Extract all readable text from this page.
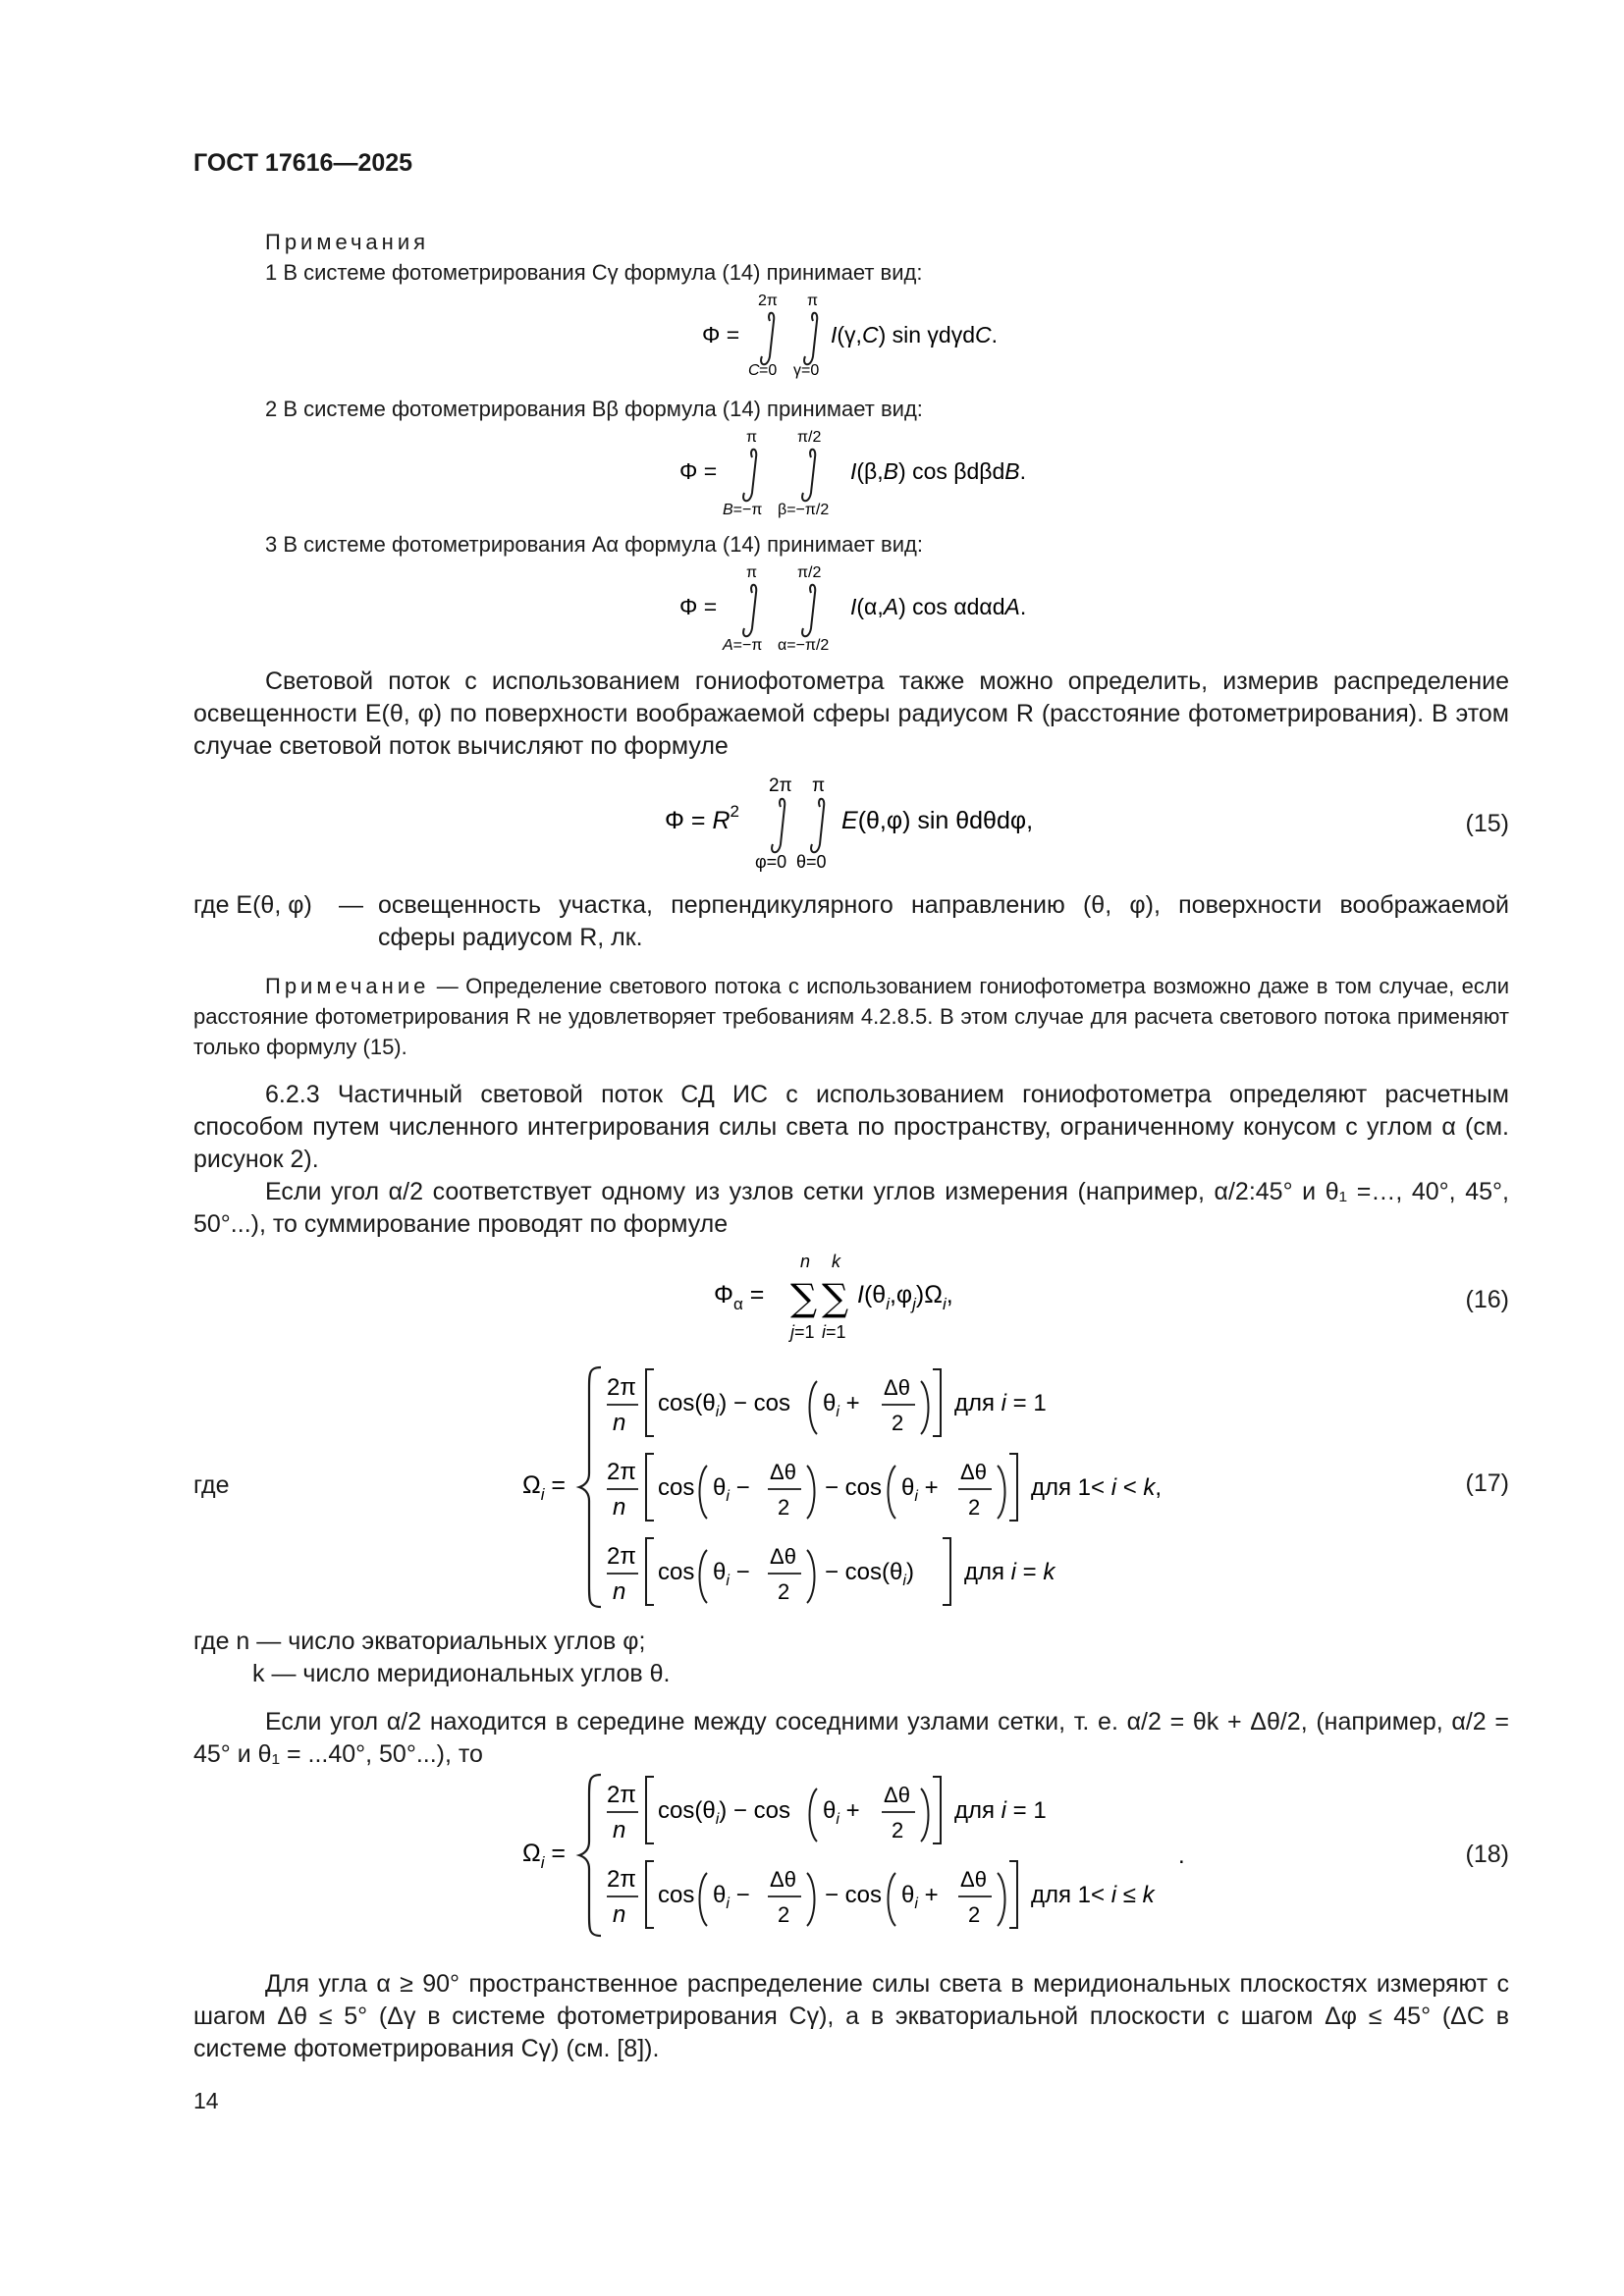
ГОСТ 17616—2025
Примечания
1 В системе фотометрирования Cγ формула (14) принимает вид:
Φ =
2π
C =0
π
γ=0
I(γ,C) sin γdγdC.
2 В системе фотометрирования Bβ формула (14) принимает вид:
Φ =
π
B=−π
π/2
β=−π/2
I(β,B) cos βdβdB.
3 В системе фотометрирования Aα формула (14) принимает вид:
Φ =
π
A=−π
π/2
α=−π/2
I(α,A) cos αdαdA.
Световой поток с использованием гониофотометра также можно определить, измерив распределение освещенности E(θ, φ) по поверхности воображаемой сферы радиусом R (расстояние фотометрирования). В этом случае световой поток вычисляют по формуле
$\Phi = R^2$
2π
φ=0
π
θ=0
E(θ,φ) sin θdθdφ,	(15)
где E(θ, φ) — освещенность участка, перпендикулярного направлению (θ, φ), поверхности воображаемой сферы радиусом R, лк.
Примечание — Определение светового потока с использованием гониофотометра возможно даже в том случае, если расстояние фотометрирования R не удовлетворяет требованиям 4.2.8.5. В этом случае для расчета светового потока применяют только формулу (15).
6.2.3 Частичный световой поток СД ИС с использованием гониофотометра определяют расчетным способом путем численного интегрирования силы света по пространству, ограниченному конусом с углом α (см. рисунок 2).
Если угол α/2 соответствует одному из узлов сетки углов измерения (например, α/2:45° и θ₁ =…, 40°, 45°, 50°...), то суммирование проводят по формуле
$\Phi_\alpha$ =
n
∑
j=1
k
∑
i=1
$I(\theta_i,\varphi_j)\Omega_i$,	(16)
где	$\Omega_i$ =
2π
n
$\cos(\theta_i) - \cos \theta_i$ +
Δθ
2
для i = 1
2π
n
$\cos \theta_i$ −
Δθ
2
− $\cos \theta_i$ +
Δθ
2
для 1< i < k,
2π
n
$\cos \theta_i$ −
Δθ
2
− $\cos(\theta_i)$ для i = k
(17)
где n — число экваториальных углов φ;
k — число меридиональных углов θ.
Если угол α/2 находится в середине между соседними узлами сетки, т. е. α/2 = θk + Δθ/2, (например, α/2 = 45° и θ₁ = ...40°, 50°...), то
$\Omega_i$ =
2π
n
$\cos(\theta_i) - \cos \theta_i$ +
Δθ
2
для i = 1
2π
n
$\cos \theta_i$ −
Δθ
2
− $\cos \theta_i$ +
Δθ
2
для 1< i ≤ k
.	(18)
Для угла α ≥ 90° пространственное распределение силы света в меридиональных плоскостях измеряют с шагом Δθ ≤ 5° (Δγ в системе фотометрирования Cγ), а в экваториальной плоскости с шагом Δφ ≤ 45° (ΔC в системе фотометрирования Cγ) (см. [8]).
14
